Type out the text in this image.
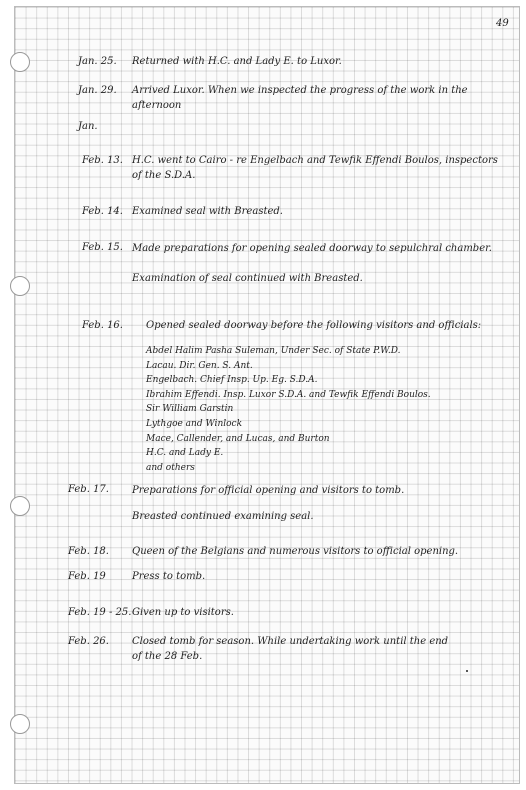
49
Jan. 25. Returned with H.C. and Lady E. to Luxor.
Jan. 29. Arrived Luxor. When we inspected the progress of the work in the
afternoon
Jan.
Feb. 13. H.C. went to Cairo - re Engelbach and Tewfik Effendi Boulos, inspectors
of the S.D.A.
Feb. 14. Examined seal with Breasted.
Feb. 15. Made preparations for opening sealed doorway to sepulchral chamber.
Examination of seal continued with Breasted.
Feb. 16. Opened sealed doorway before the following visitors and officials:
Abdel Halim Pasha Suleman, Under Sec. of State P.W.D.
Lacau. Dir. Gen. S. Ant.
Engelbach. Chief Insp. Up. Eg. S.D.A.
Ibrahim Effendi. Insp. Luxor S.D.A. and Tewfik Effendi Boulos.
Sir William Garstin
Lythgoe and Winlock
Mace, Callender, and Lucas, and Burton
H.C. and Lady E.
and others
Feb. 17. Preparations for official opening and visitors to tomb.
Breasted continued examining seal.
Feb. 18. Queen of the Belgians and numerous visitors to official opening.
Feb. 19	Press to tomb.
Feb. 19 - 25. Given up to visitors.
Feb. 26. Closed tomb for season. While undertaking work until the end
of the 28 Feb.
